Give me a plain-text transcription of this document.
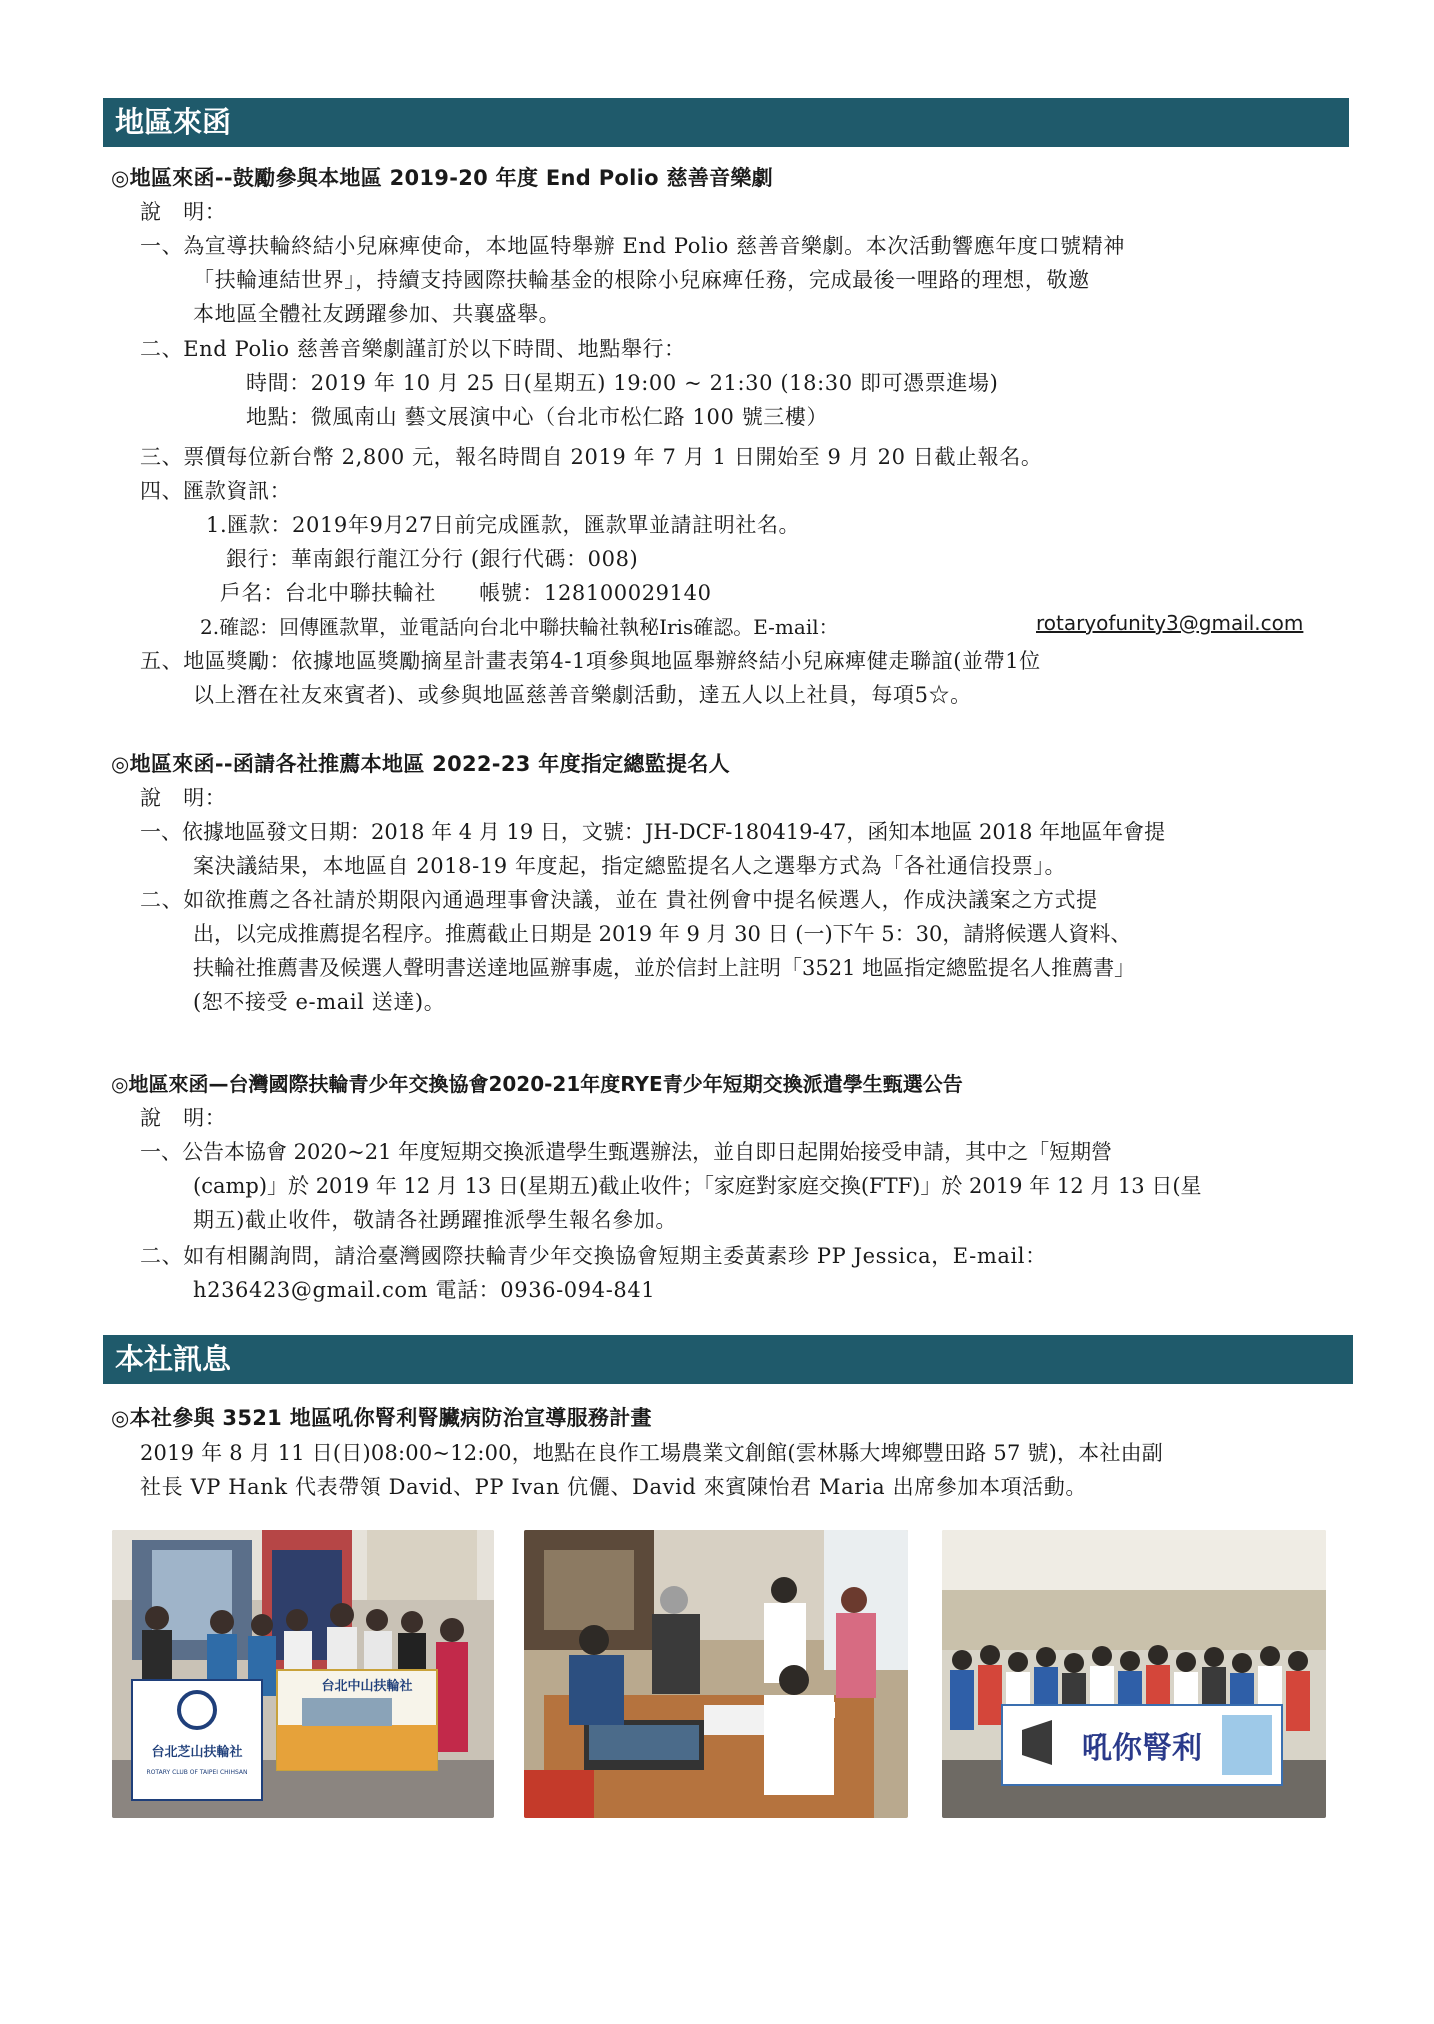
地區來函
◎地區來函--鼓勵參與本地區 2019-20 年度 End Polio 慈善音樂劇
說　明：
一、為宣導扶輪終結小兒麻痺使命，本地區特舉辦 End Polio 慈善音樂劇。本次活動響應年度口號精神
「扶輪連結世界」，持續支持國際扶輪基金的根除小兒麻痺任務，完成最後一哩路的理想，敬邀
本地區全體社友踴躍參加、共襄盛舉。
二、End Polio 慈善音樂劇謹訂於以下時間、地點舉行：
時間：2019 年 10 月 25 日(星期五) 19:00 ~ 21:30 (18:30 即可憑票進場)
地點：微風南山 藝文展演中心（台北市松仁路 100 號三樓）
三、票價每位新台幣 2,800 元，報名時間自 2019 年 7 月 1 日開始至 9 月 20 日截止報名。
四、匯款資訊：
1.匯款：2019年9月27日前完成匯款，匯款單並請註明社名。
銀行：華南銀行龍江分行 (銀行代碼：008)
戶名：台北中聯扶輪社　　帳號：128100029140
2.確認：回傳匯款單，並電話向台北中聯扶輪社執秘Iris確認。E-mail：	rotaryofunity3@gmail.com
五、地區獎勵：依據地區獎勵摘星計畫表第4-1項參與地區舉辦終結小兒麻痺健走聯誼(並帶1位
以上潛在社友來賓者)、或參與地區慈善音樂劇活動，達五人以上社員，每項5☆。
◎地區來函--函請各社推薦本地區 2022-23 年度指定總監提名人
說　明：
一、依據地區發文日期：2018 年 4 月 19 日，文號：JH-DCF-180419-47，函知本地區 2018 年地區年會提
案決議結果，本地區自 2018-19 年度起，指定總監提名人之選舉方式為「各社通信投票」。
二、如欲推薦之各社請於期限內通過理事會決議，並在 貴社例會中提名候選人，作成決議案之方式提
出，以完成推薦提名程序。推薦截止日期是 2019 年 9 月 30 日 (一)下午 5：30，請將候選人資料、
扶輪社推薦書及候選人聲明書送達地區辦事處，並於信封上註明「3521 地區指定總監提名人推薦書」
(恕不接受 e-mail 送達)。
◎地區來函—台灣國際扶輪青少年交換協會2020-21年度RYE青少年短期交換派遣學生甄選公告
說　明：
一、公告本協會 2020~21 年度短期交換派遣學生甄選辦法，並自即日起開始接受申請，其中之「短期營
(camp)」於 2019 年 12 月 13 日(星期五)截止收件；「家庭對家庭交換(FTF)」於 2019 年 12 月 13 日(星
期五)截止收件，敬請各社踴躍推派學生報名參加。
二、如有相關詢問，請洽臺灣國際扶輪青少年交換協會短期主委黃素珍 PP Jessica，E-mail：
h236423@gmail.com 電話：0936-094-841
本社訊息
◎本社參與 3521 地區吼你腎利腎臟病防治宣導服務計畫
2019 年 8 月 11 日(日)08:00~12:00，地點在良作工場農業文創館(雲林縣大埤鄉豐田路 57 號)，本社由副
社長 VP Hank 代表帶領 David、PP Ivan 伉儷、David 來賓陳怡君 Maria 出席參加本項活動。
台北芝山扶輪社
ROTARY CLUB OF TAIPEI CHIHSAN
台北中山扶輪社
吼你腎利
